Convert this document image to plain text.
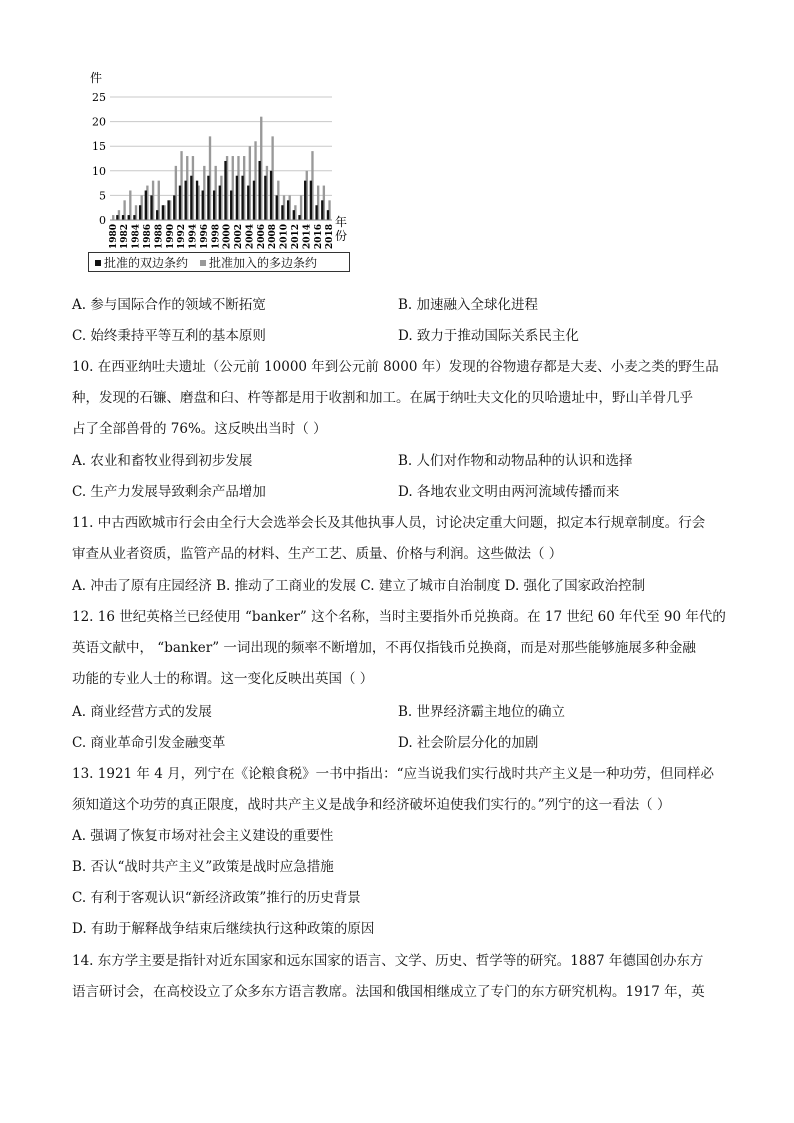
25
20
15
10
5
0
件
1980 1982 1984 1986 1988 1990 1992 1994 1996 1998 2000 2002 2004 2006 2008 2010 2012 2014 2016 2018
年
份
批准的双边条约	批准加入的多边条约
A. 参与国际合作的领域不断拓宽	B. 加速融入全球化进程
C. 始终秉持平等互利的基本原则	D. 致力于推动国际关系民主化
10. 在西亚纳吐夫遗址（公元前 10000 年到公元前 8000 年）发现的谷物遗存都是大麦、小麦之类的野生品
种，发现的石镰、磨盘和臼、杵等都是用于收割和加工。在属于纳吐夫文化的贝哈遗址中，野山羊骨几乎
占了全部兽骨的 76%。这反映出当时（ ）
A. 农业和畜牧业得到初步发展	B. 人们对作物和动物品种的认识和选择
C. 生产力发展导致剩余产品增加	D. 各地农业文明由两河流域传播而来
11. 中古西欧城市行会由全行大会选举会长及其他执事人员，讨论决定重大问题，拟定本行规章制度。行会
审查从业者资质，监管产品的材料、生产工艺、质量、价格与利润。这些做法（ ）
A. 冲击了原有庄园经济 B. 推动了工商业的发展 C. 建立了城市自治制度 D. 强化了国家政治控制
12. 16 世纪英格兰已经使用 “banker” 这个名称，当时主要指外币兑换商。在 17 世纪 60 年代至 90 年代的
英语文献中， “banker” 一词出现的频率不断增加，不再仅指钱币兑换商，而是对那些能够施展多种金融
功能的专业人士的称谓。这一变化反映出英国（ ）
A. 商业经营方式的发展	B. 世界经济霸主地位的确立
C. 商业革命引发金融变革	D. 社会阶层分化的加剧
13. 1921 年 4 月，列宁在《论粮食税》一书中指出：“应当说我们实行战时共产主义是一种功劳，但同样必
须知道这个功劳的真正限度，战时共产主义是战争和经济破坏迫使我们实行的。”列宁的这一看法（ ）
A. 强调了恢复市场对社会主义建设的重要性
B. 否认“战时共产主义”政策是战时应急措施
C. 有利于客观认识“新经济政策”推行的历史背景
D. 有助于解释战争结束后继续执行这种政策的原因
14. 东方学主要是指针对近东国家和远东国家的语言、文学、历史、哲学等的研究。1887 年德国创办东方
语言研讨会，在高校设立了众多东方语言教席。法国和俄国相继成立了专门的东方研究机构。1917 年，英
